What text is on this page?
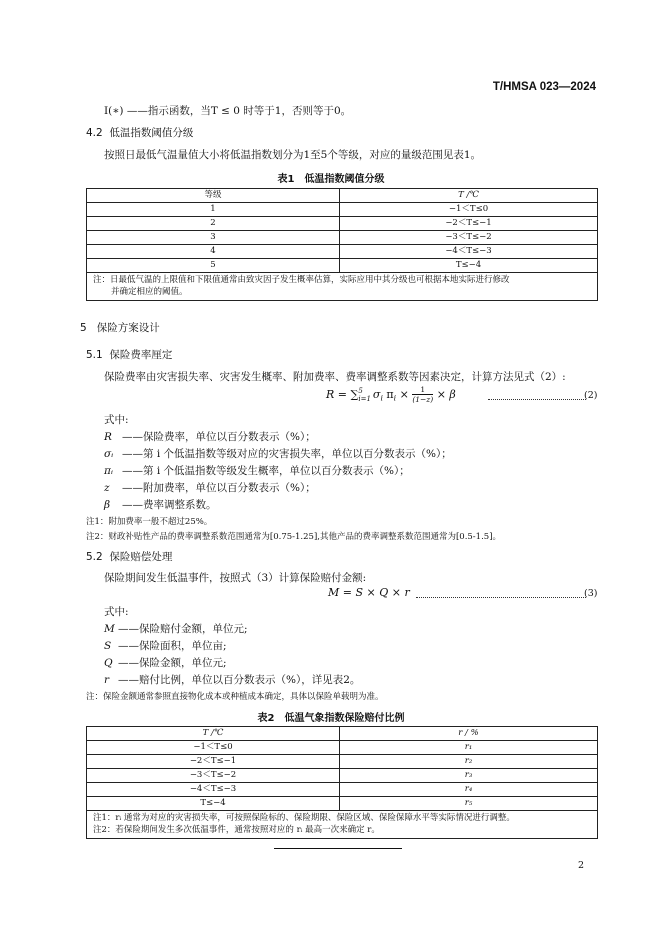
T/HMSA 023—2024
I(∗) ——指示函数，当T ≤ 0 时等于1，否则等于0。
4.2 低温指数阈值分级
按照日最低气温量值大小将低温指数划分为1至5个等级，对应的量级范围见表1。
表1　低温指数阈值分级
等级	T /℃
1	−1＜T≤0
2	−2＜T≤−1
3	−3＜T≤−2
4	−4＜T≤−3
5	T≤−4
注：日最低气温的上限值和下限值通常由致灾因子发生概率估算，实际应用中其分级也可根据本地实际进行修改
并确定相应的阈值。	
5 保险方案设计
5.1 保险费率厘定
保险费率由灾害损失率、灾害发生概率、附加费率、费率调整系数等因素决定，计算方法见式（2）:
R = ∑ 5
i=1 $\sigma_i$ $\pi_i \times \frac{1}{(1-z)} \times \beta$	(2)
式中:
R ——保险费率，单位以百分数表示（%）；
σᵢ ——第 i 个低温指数等级对应的灾害损失率，单位以百分数表示（%）；
πᵢ ——第 i 个低温指数等级发生概率，单位以百分数表示（%）；
z ——附加费率，单位以百分数表示（%）；
β ——费率调整系数。
注1：附加费率一般不超过25%。
注2：财政补贴性产品的费率调整系数范围通常为[0.75-1.25],其他产品的费率调整系数范围通常为[0.5-1.5]。
5.2 保险赔偿处理
保险期间发生低温事件，按照式（3）计算保险赔付金额:
M = S × Q × r	(3)
式中:
M ——保险赔付金额，单位元;
S ——保险面积，单位亩;
Q ——保险金额，单位元;
r ——赔付比例，单位以百分数表示（%），详见表2。
注：保险金额通常参照直接物化成本或种植成本确定，具体以保险单载明为准。
表2　低温气象指数保险赔付比例
T /℃	r / %
−1＜T≤0	r₁
−2＜T≤−1	r₂
−3＜T≤−2	r₃
−4＜T≤−3	r₄
T≤−4	r₅

注1：rᵢ 通常为对应的灾害损失率，可按照保险标的、保险期限、保险区域、保险保障水平等实际情况进行调整。
注2：若保险期间发生多次低温事件，通常按照对应的 rᵢ 最高一次来确定 r。	
2
